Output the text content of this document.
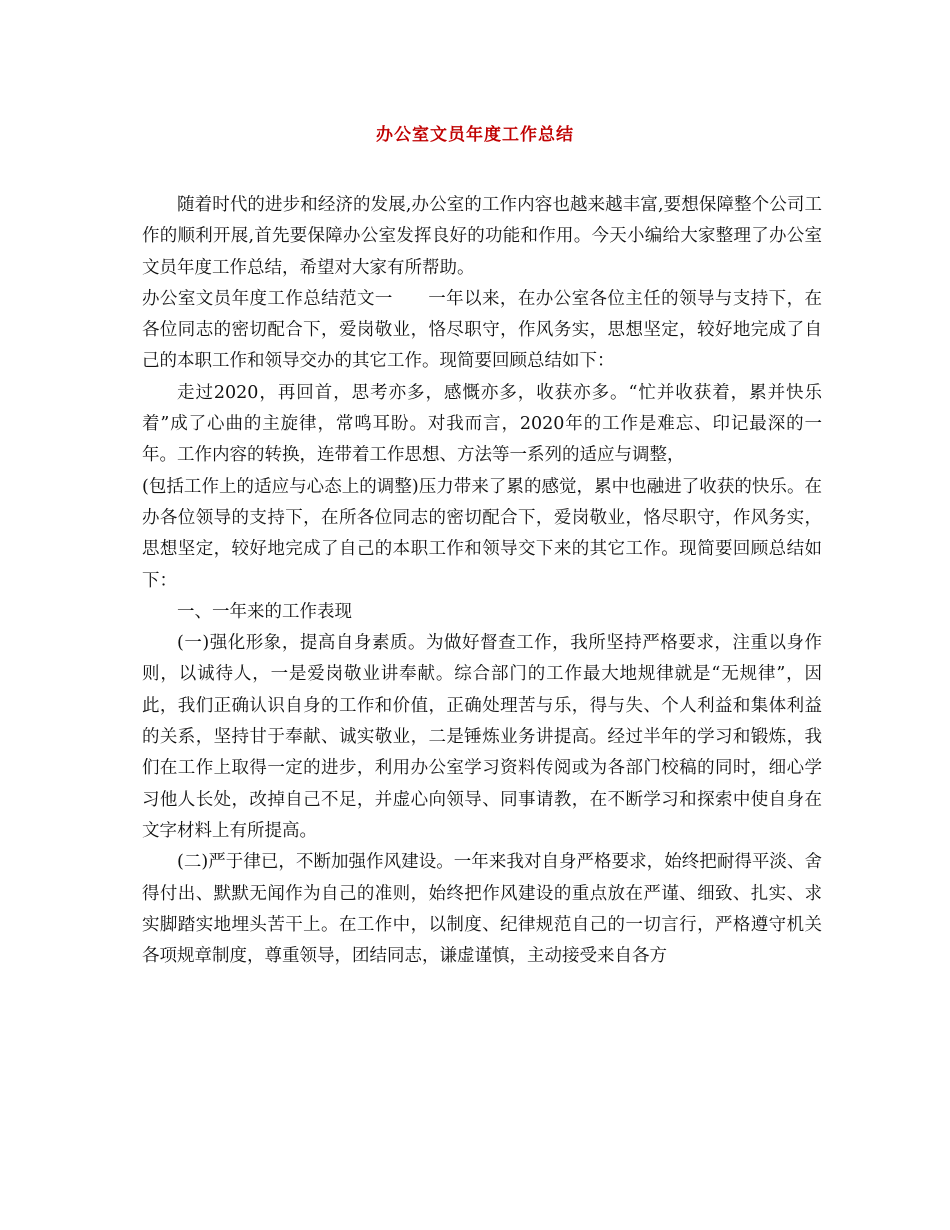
办公室文员年度工作总结

随着时代的进步和经济的发展,办公室的工作内容也越来越丰富,要想保障整个公司工作的顺利开展,首先要保障办公室发挥良好的功能和作用。今天小编给大家整理了办公室文员年度工作总结，希望对大家有所帮助。

办公室文员年度工作总结范文一 一年以来，在办公室各位主任的领导与支持下，在各位同志的密切配合下，爱岗敬业，恪尽职守，作风务实，思想坚定，较好地完成了自己的本职工作和领导交办的其它工作。现简要回顾总结如下：

走过2020，再回首，思考亦多，感慨亦多，收获亦多。“忙并收获着，累并快乐着”成了心曲的主旋律，常鸣耳盼。对我而言，2020年的工作是难忘、印记最深的一年。工作内容的转换，连带着工作思想、方法等一系列的适应与调整，

(包括工作上的适应与心态上的调整)压力带来了累的感觉，累中也融进了收获的快乐。在办各位领导的支持下，在所各位同志的密切配合下，爱岗敬业，恪尽职守，作风务实，思想坚定，较好地完成了自己的本职工作和领导交下来的其它工作。现简要回顾总结如下：

一、一年来的工作表现

(一)强化形象，提高自身素质。为做好督查工作，我所坚持严格要求，注重以身作则，以诚待人，一是爱岗敬业讲奉献。综合部门的工作最大地规律就是“无规律”，因此，我们正确认识自身的工作和价值，正确处理苦与乐，得与失、个人利益和集体利益的关系，坚持甘于奉献、诚实敬业，二是锤炼业务讲提高。经过半年的学习和锻炼，我们在工作上取得一定的进步，利用办公室学习资料传阅或为各部门校稿的同时，细心学习他人长处，改掉自己不足，并虚心向领导、同事请教，在不断学习和探索中使自身在文字材料上有所提高。

(二)严于律已，不断加强作风建设。一年来我对自身严格要求，始终把耐得平淡、舍得付出、默默无闻作为自己的准则，始终把作风建设的重点放在严谨、细致、扎实、求实脚踏实地埋头苦干上。在工作中，以制度、纪律规范自己的一切言行，严格遵守机关各项规章制度，尊重领导，团结同志，谦虚谨慎，主动接受来自各方
